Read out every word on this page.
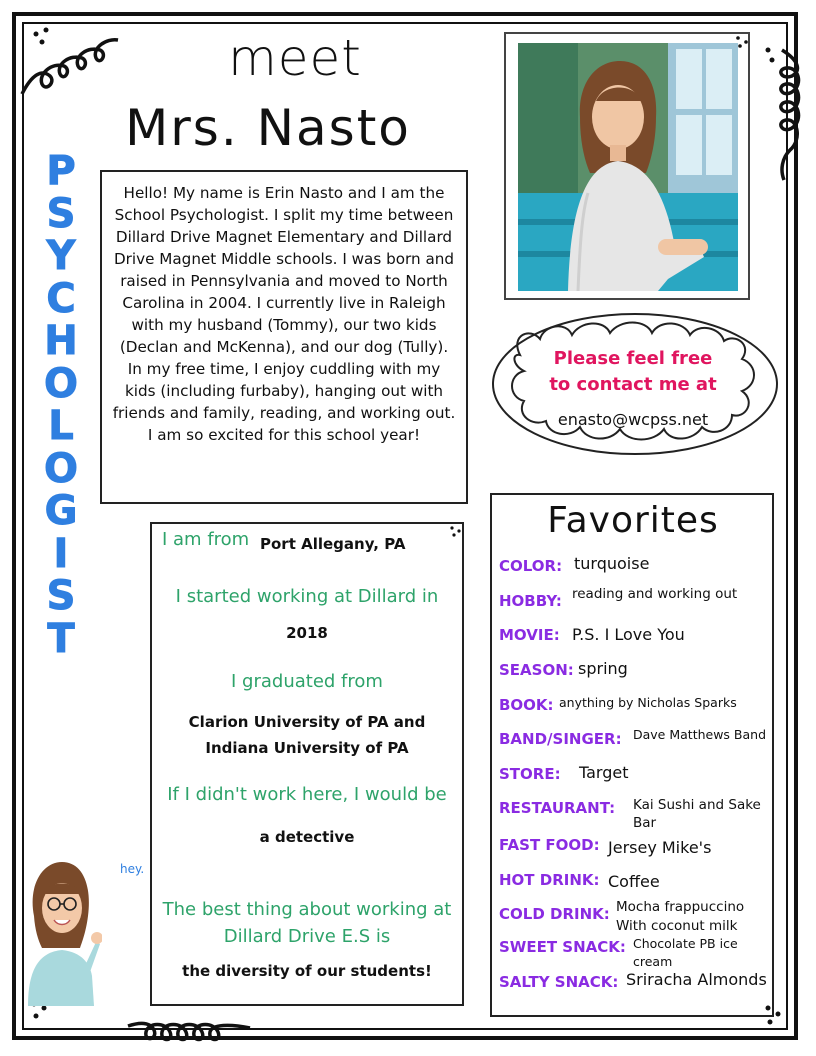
meet
Mrs. Nasto
P
S
Y
C
H
O
L
O
G
I
S
T
Hello! My name is Erin Nasto and I am the School Psychologist. I split my time between Dillard Drive Magnet Elementary and Dillard Drive Magnet Middle schools. I was born and raised in Pennsylvania and moved to North Carolina in 2004. I currently live in Raleigh with my husband (Tommy), our two kids (Declan and McKenna), and our dog (Tully). In my free time, I enjoy cuddling with my kids (including furbaby), hanging out with friends and family, reading, and working out. I am so excited for this school year!
Please feel free
to contact me at
enasto@wcpss.net
I am from Port Allegany, PA
I started working at Dillard in
2018
I graduated from
Clarion University of PA and
Indiana University of PA
If I didn't work here, I would be
a detective
The best thing about working at
Dillard Drive E.S is
the diversity of our students!
Favorites
COLOR: turquoise
HOBBY: reading and working out
MOVIE: P.S. I Love You
SEASON: spring
BOOK: anything by Nicholas Sparks
BAND/SINGER: Dave Matthews Band
STORE: Target
RESTAURANT: Kai Sushi and Sake
Bar
FAST FOOD: Jersey Mike's
HOT DRINK: Coffee
COLD DRINK: Mocha frappuccino
With coconut milk
SWEET SNACK: Chocolate PB ice
cream
SALTY SNACK: Sriracha Almonds
hey.
